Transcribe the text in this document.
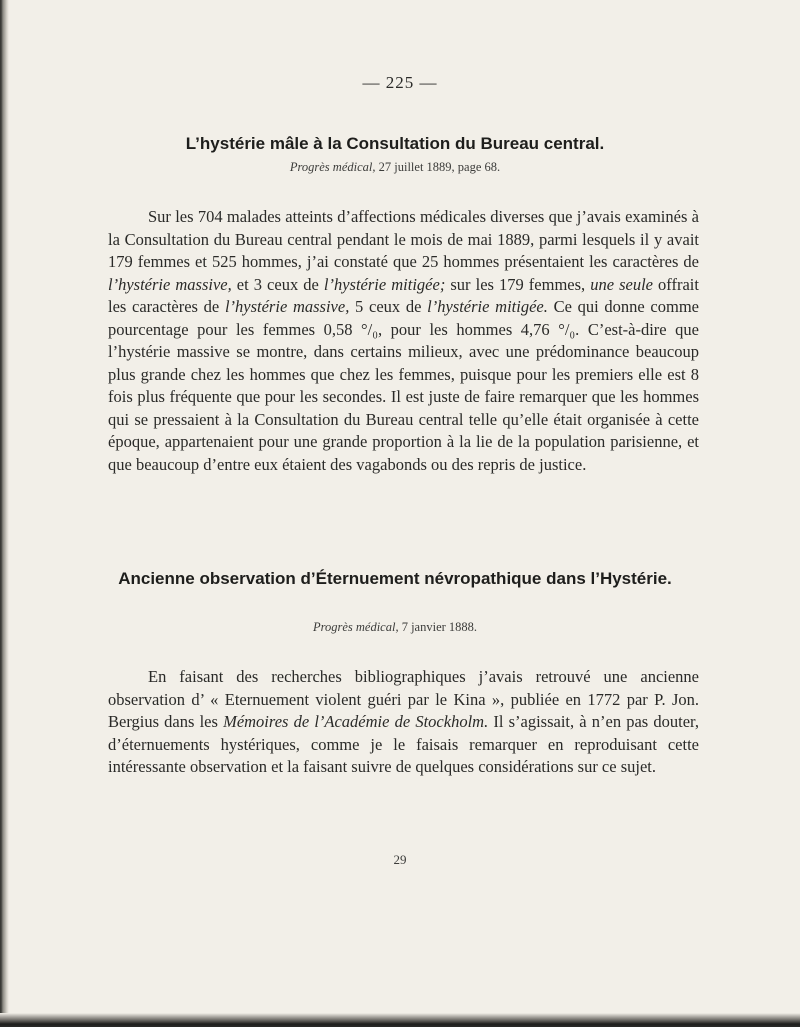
— 225 —
L’hystérie mâle à la Consultation du Bureau central.
Progrès médical, 27 juillet 1889, page 68.

Sur les 704 malades atteints d’affections médicales diverses que j’avais examinés à la Consultation du Bureau central pendant le mois de mai 1889, parmi lesquels il y avait 179 femmes et 525 hommes, j’ai constaté que 25 hommes présentaient les caractères de l’hystérie massive, et 3 ceux de l’hystérie mitigée; sur les 179 femmes, une seule offrait les caractères de l’hystérie massive, 5 ceux de l’hystérie mitigée. Ce qui donne comme pourcentage pour les femmes 0,58 °/₀, pour les hommes 4,76 °/₀. C’est-à-dire que l’hystérie massive se montre, dans certains milieux, avec une prédominance beaucoup plus grande chez les hommes que chez les femmes, puisque pour les premiers elle est 8 fois plus fréquente que pour les secondes. Il est juste de faire remarquer que les hommes qui se pressaient à la Consultation du Bureau central telle qu’elle était organisée à cette époque, appartenaient pour une grande proportion à la lie de la population parisienne, et que beaucoup d’entre eux étaient des vagabonds ou des repris de justice.

Ancienne observation d’Éternuement névropathique dans l’Hystérie.
Progrès médical, 7 janvier 1888.

En faisant des recherches bibliographiques j’avais retrouvé une ancienne observation d’ « Eternuement violent guéri par le Kina », publiée en 1772 par P. Jon. Bergius dans les Mémoires de l’Académie de Stockholm. Il s’agissait, à n’en pas douter, d’éternuements hystériques, comme je le faisais remarquer en reproduisant cette intéressante observation et la faisant suivre de quelques considérations sur ce sujet.

29
